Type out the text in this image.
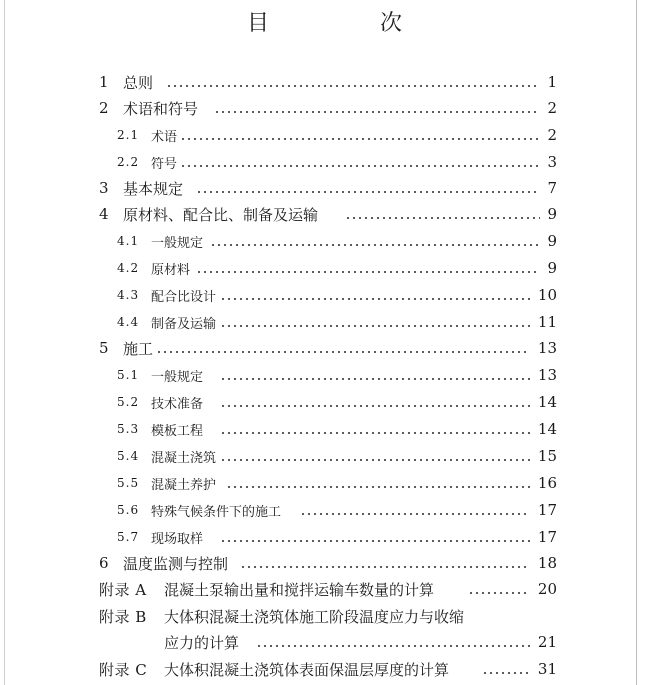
目 次
1 总则	1
2 术语和符号	2
2.1 术语	2
2.2 符号	3
3 基本规定	7
4 原材料、配合比、制备及运输	9
4.1 一般规定	9
4.2 原材料	9
4.3 配合比设计	10
4.4 制备及运输	11
5 施工	13
5.1 一般规定	13
5.2 技术准备	14
5.3 模板工程	14
5.4 混凝土浇筑	15
5.5 混凝土养护	16
5.6 特殊气候条件下的施工	17
5.7 现场取样	17
6 温度监测与控制	18
附录 A 混凝土泵输出量和搅拌运输车数量的计算	20
附录 B 大体积混凝土浇筑体施工阶段温度应力与收缩
应力的计算	21
附录 C 大体积混凝土浇筑体表面保温层厚度的计算	31
